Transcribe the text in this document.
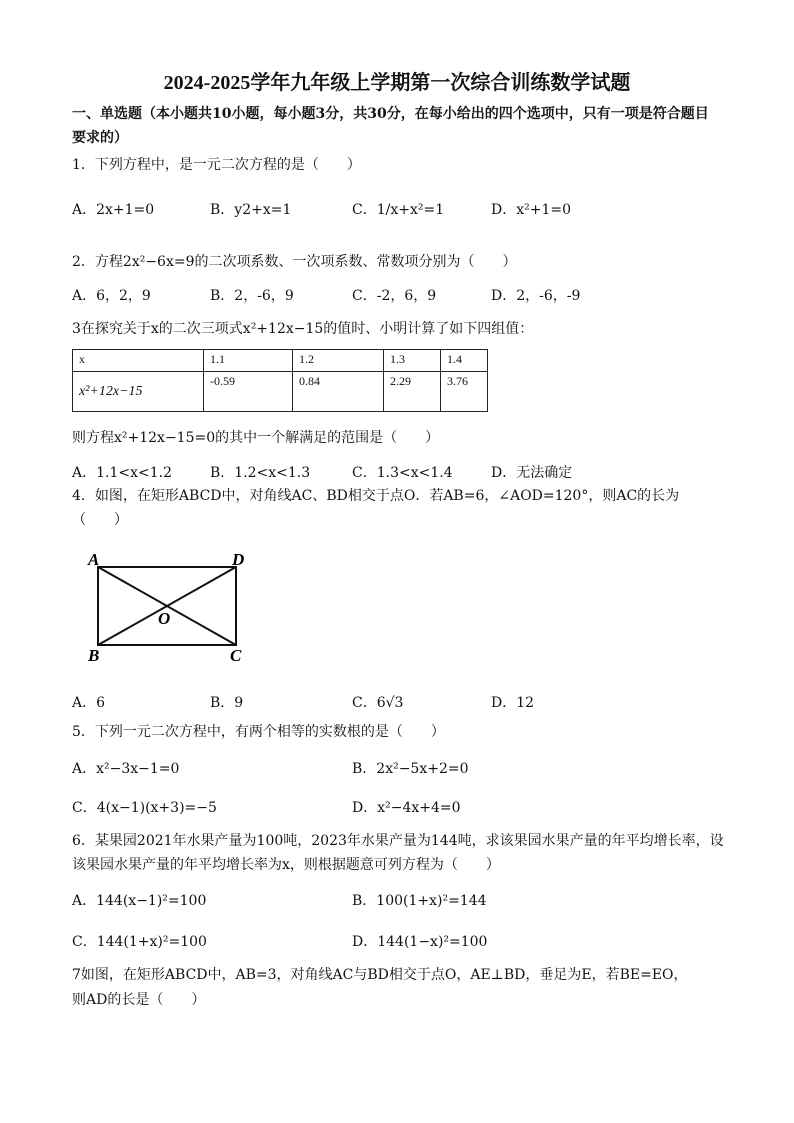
2024-2025学年九年级上学期第一次综合训练数学试题
一、单选题（本小题共10小题，每小题3分，共30分，在每小给出的四个选项中，只有一项是符合题目
要求的）
1．下列方程中，是一元二次方程的是（　　）
A．2x+1=0	B．y2+x=1	C．1/x+x²=1	D．x²+1=0
2．方程2x²−6x=9的二次项系数、一次项系数、常数项分别为（　　）
A．6，2，9	B．2，-6，9	C．-2，6，9	D．2，-6，-9
3在探究关于x的二次三项式x²+12x−15的值时、小明计算了如下四组值：
x	1.1	1.2	1.3	1.4
x²+12x−15	-0.59	0.84	2.29	3.76
则方程x²+12x−15=0的其中一个解满足的范围是（　　）
A．1.1<x<1.2	B．1.2<x<1.3	C．1.3<x<1.4	D．无法确定
4．如图，在矩形ABCD中，对角线AC、BD相交于点O．若AB=6，∠AOD=120°，则AC的长为
（　　）
A	D
B	C
O
A．6	B．9	C．6√3	D．12
5．下列一元二次方程中，有两个相等的实数根的是（　　）
A．x²−3x−1=0	B．2x²−5x+2=0
C．4(x−1)(x+3)=−5	D．x²−4x+4=0
6．某果园2021年水果产量为100吨，2023年水果产量为144吨，求该果园水果产量的年平均增长率，设
该果园水果产量的年平均增长率为x，则根据题意可列方程为（　　）
A．144(x−1)²=100	B．100(1+x)²=144
C．144(1+x)²=100	D．144(1−x)²=100
7如图，在矩形ABCD中，AB=3，对角线AC与BD相交于点O，AE⊥BD，垂足为E，若BE=EO，
则AD的长是（　　）
